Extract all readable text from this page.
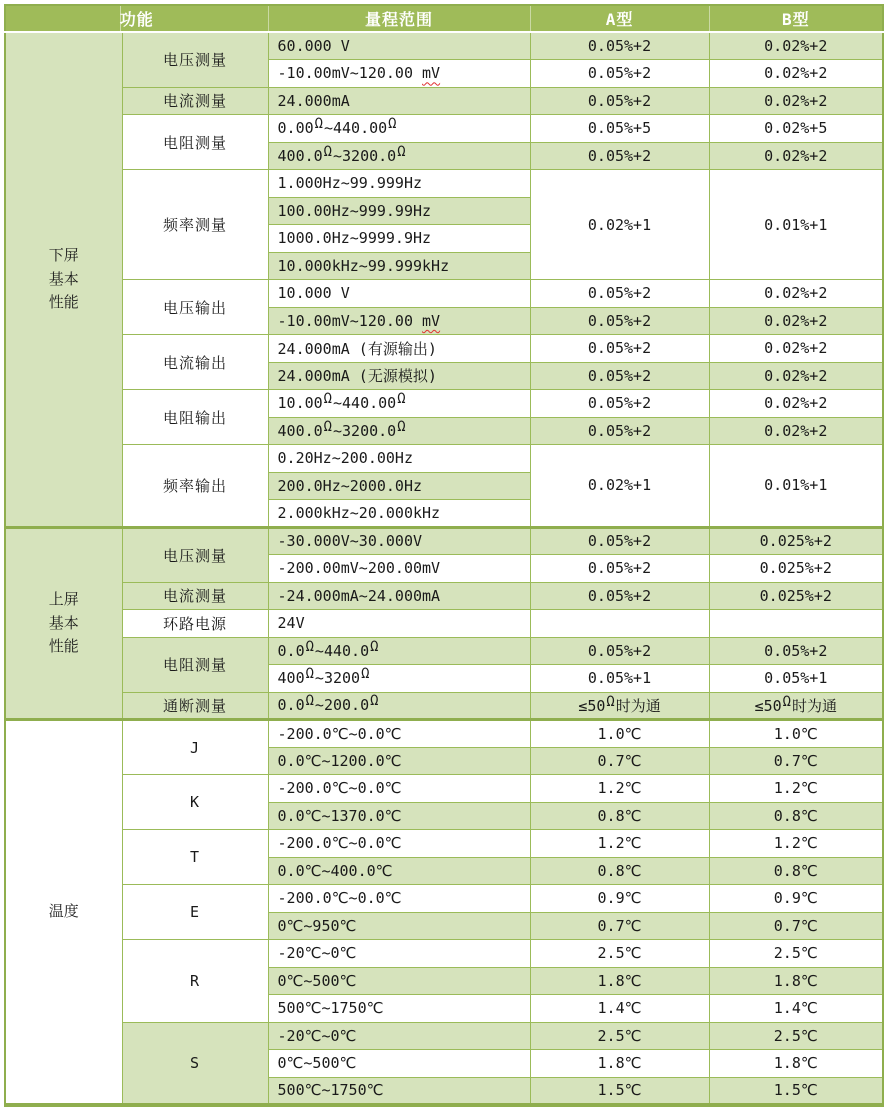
功能		量程范围	A型	B型

下屏
基本
性能	电压测量	60.000 V	0.05%+2	0.02%+2
		-10.00mV~120.00 mV	0.05%+2	0.02%+2
	电流测量	24.000mA	0.05%+2	0.02%+2
	电阻测量	0.00Ω~440.00Ω	0.05%+5	0.02%+5
		400.0Ω~3200.0Ω	0.05%+2	0.02%+2
	频率测量	1.000Hz~99.999Hz	0.02%+1	0.01%+1
		100.00Hz~999.99Hz		
		1000.0Hz~9999.9Hz		
		10.000kHz~99.999kHz		
	电压输出	10.000 V	0.05%+2	0.02%+2
		-10.00mV~120.00 mV	0.05%+2	0.02%+2
	电流输出	24.000mA (有源输出)	0.05%+2	0.02%+2
		24.000mA (无源模拟)	0.05%+2	0.02%+2
	电阻输出	10.00Ω~440.00Ω	0.05%+2	0.02%+2
		400.0Ω~3200.0Ω	0.05%+2	0.02%+2
	频率输出	0.20Hz~200.00Hz	0.02%+1	0.01%+1
		200.0Hz~2000.0Hz		
		2.000kHz~20.000kHz		

上屏
基本
性能	电压测量	-30.000V~30.000V	0.05%+2	0.025%+2
		-200.00mV~200.00mV	0.05%+2	0.025%+2
	电流测量	-24.000mA~24.000mA	0.05%+2	0.025%+2
	环路电源	24V		
	电阻测量	0.0Ω~440.0Ω	0.05%+2	0.05%+2
		400Ω~3200Ω	0.05%+1	0.05%+1
	通断测量	0.0Ω~200.0Ω	≤50Ω时为通	≤50Ω时为通

温度	J	-200.0℃~0.0℃	1.0℃	1.0℃
		0.0℃~1200.0℃	0.7℃	0.7℃
	K	-200.0℃~0.0℃	1.2℃	1.2℃
		0.0℃~1370.0℃	0.8℃	0.8℃
	T	-200.0℃~0.0℃	1.2℃	1.2℃
		0.0℃~400.0℃	0.8℃	0.8℃
	E	-200.0℃~0.0℃	0.9℃	0.9℃
		0℃~950℃	0.7℃	0.7℃
	R	-20℃~0℃	2.5℃	2.5℃
		0℃~500℃	1.8℃	1.8℃
		500℃~1750℃	1.4℃	1.4℃
	S	-20℃~0℃	2.5℃	2.5℃
		0℃~500℃	1.8℃	1.8℃
		500℃~1750℃	1.5℃	1.5℃
